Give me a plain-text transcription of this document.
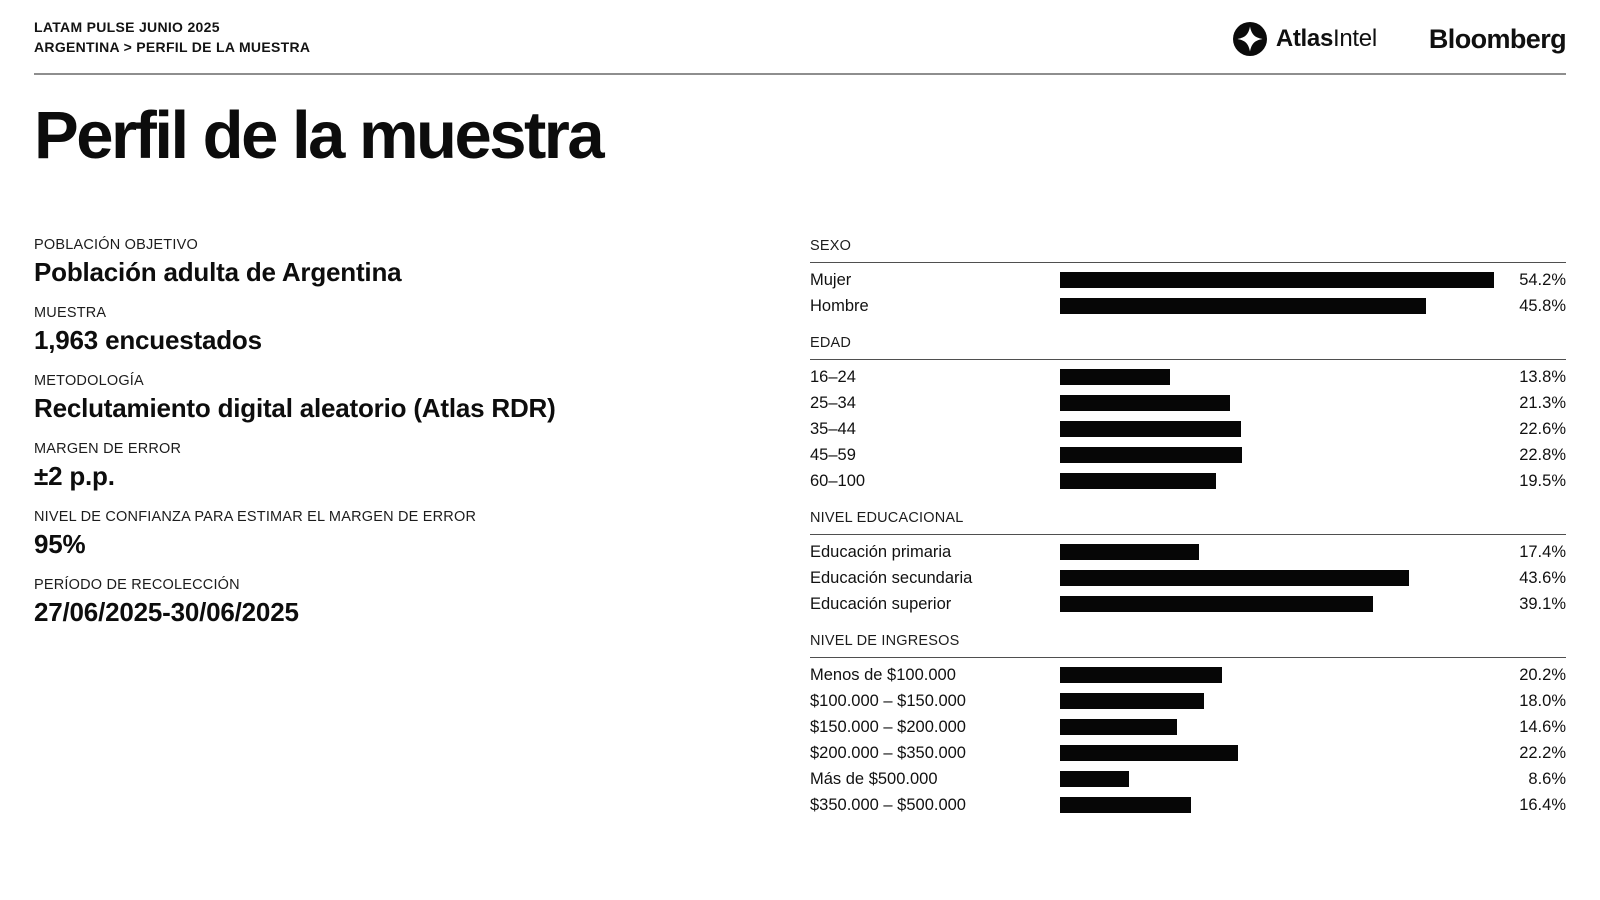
LATAM PULSE JUNIO 2025
ARGENTINA > PERFIL DE LA MUESTRA	AtlasIntel Bloomberg
Perfil de la muestra
POBLACIÓN OBJETIVO
Población adulta de Argentina
MUESTRA
1,963 encuestados
METODOLOGÍA
Reclutamiento digital aleatorio (Atlas RDR)
MARGEN DE ERROR
±2 p.p.
NIVEL DE CONFIANZA PARA ESTIMAR EL MARGEN DE ERROR
95%
PERÍODO DE RECOLECCIÓN
27/06/2025-30/06/2025
SEXO
Mujer	54.2%
Hombre	45.8%
EDAD
16–24	13.8%
25–34	21.3%
35–44	22.6%
45–59	22.8%
60–100	19.5%
NIVEL EDUCACIONAL
Educación primaria	17.4%
Educación secundaria	43.6%
Educación superior	39.1%
NIVEL DE INGRESOS
Menos de $100.000	20.2%
$100.000 – $150.000	18.0%
$150.000 – $200.000	14.6%
$200.000 – $350.000	22.2%
Más de $500.000	8.6%
$350.000 – $500.000	16.4%
